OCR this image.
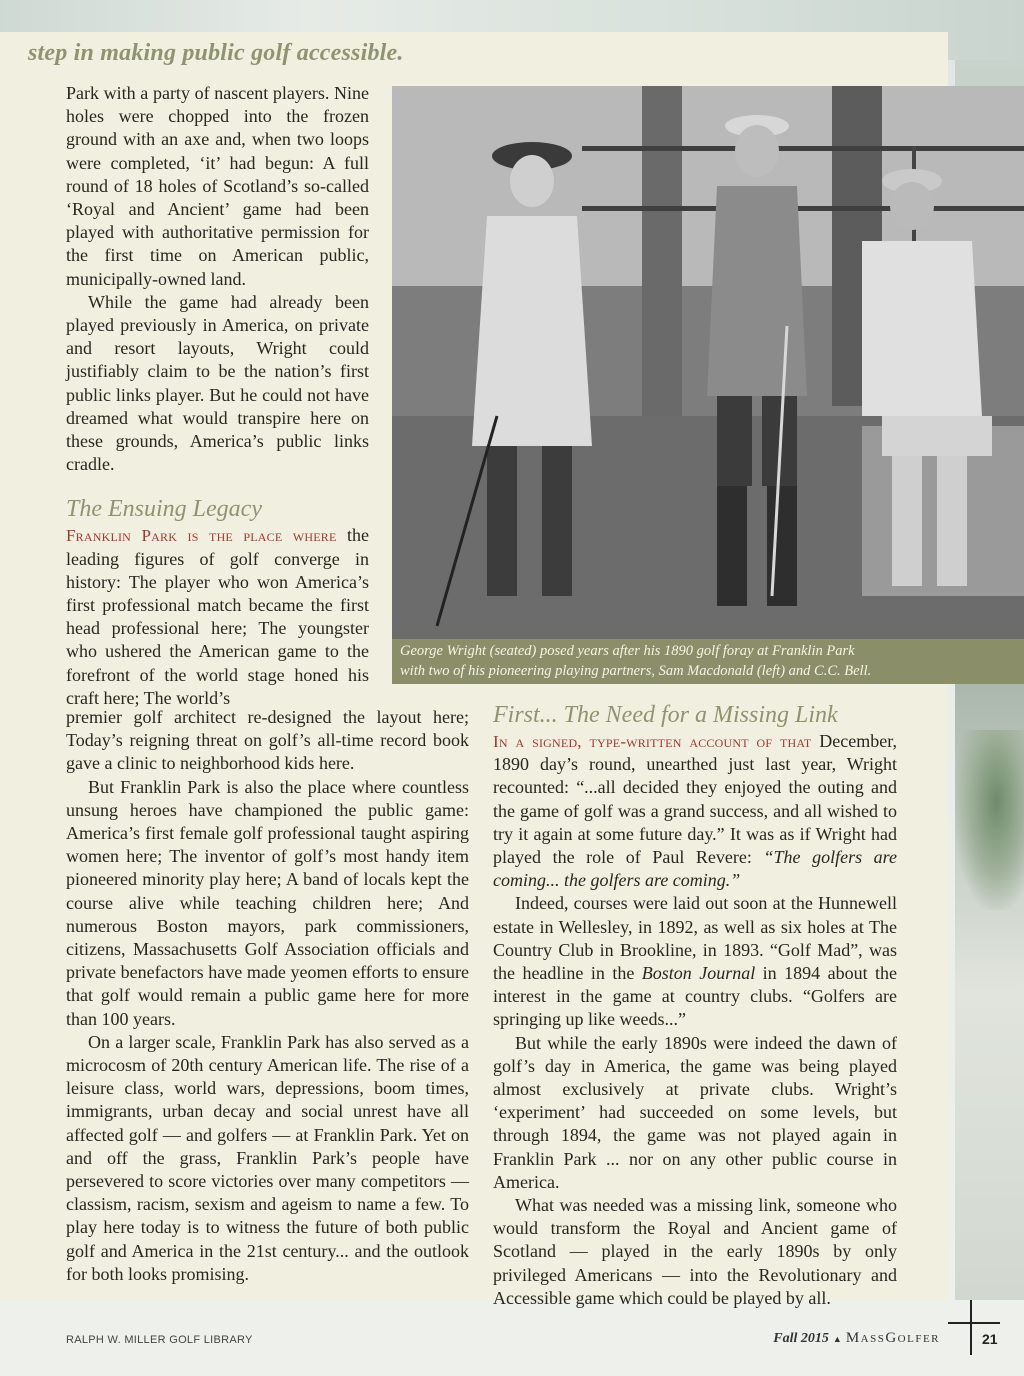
step in making public golf accessible.

Park with a party of nascent players. Nine holes were chopped into the frozen ground with an axe and, when two loops were completed, ‘it’ had begun: A full round of 18 holes of Scotland’s so-called ‘Royal and Ancient’ game had been played with authoritative permission for the first time on American public, municipally-owned land.

While the game had already been played previously in America, on private and resort layouts, Wright could justifiably claim to be the nation’s first public links player. But he could not have dreamed what would transpire here on these grounds, America’s public links cradle.

The Ensuing Legacy

Franklin Park is the place where the leading figures of golf converge in history: The player who won America’s first professional match became the first head professional here; The youngster who ushered the American game to the forefront of the world stage honed his craft here; The world’s

George Wright (seated) posed years after his 1890 golf foray at Franklin Park
with two of his pioneering playing partners, Sam Macdonald (left) and C.C. Bell.

premier golf architect re-designed the layout here; Today’s reigning threat on golf’s all-time record book gave a clinic to neighborhood kids here.

But Franklin Park is also the place where countless unsung heroes have championed the public game: America’s first female golf professional taught aspiring women here; The inventor of golf’s most handy item pioneered minority play here; A band of locals kept the course alive while teaching children here; And numerous Boston mayors, park commissioners, citizens, Massachusetts Golf Association officials and private benefactors have made yeomen efforts to ensure that golf would remain a public game here for more than 100 years.

On a larger scale, Franklin Park has also served as a microcosm of 20th century American life. The rise of a leisure class, world wars, depressions, boom times, immigrants, urban decay and social unrest have all affected golf — and golfers — at Franklin Park. Yet on and off the grass, Franklin Park’s people have persevered to score victories over many competitors — classism, racism, sexism and ageism to name a few. To play here today is to witness the future of both public golf and America in the 21st century... and the outlook for both looks promising.

First... The Need for a Missing Link

In a signed, type-written account of that December, 1890 day’s round, unearthed just last year, Wright recounted: “...all decided they enjoyed the outing and the game of golf was a grand success, and all wished to try it again at some future day.” It was as if Wright had played the role of Paul Revere: “The golfers are coming... the golfers are coming.”

Indeed, courses were laid out soon at the Hunnewell estate in Wellesley, in 1892, as well as six holes at The Country Club in Brookline, in 1893. “Golf Mad”, was the headline in the Boston Journal in 1894 about the interest in the game at country clubs. “Golfers are springing up like weeds...”

But while the early 1890s were indeed the dawn of golf’s day in America, the game was being played almost exclusively at private clubs. Wright’s ‘experiment’ had succeeded on some levels, but through 1894, the game was not played again in Franklin Park ... nor on any other public course in America.

What was needed was a missing link, someone who would transform the Royal and Ancient game of Scotland — played in the early 1890s by only privileged Americans — into the Revolutionary and Accessible game which could be played by all.

RALPH W. MILLER GOLF LIBRARY	Fall 2015 ▲ MassGolfer	21
